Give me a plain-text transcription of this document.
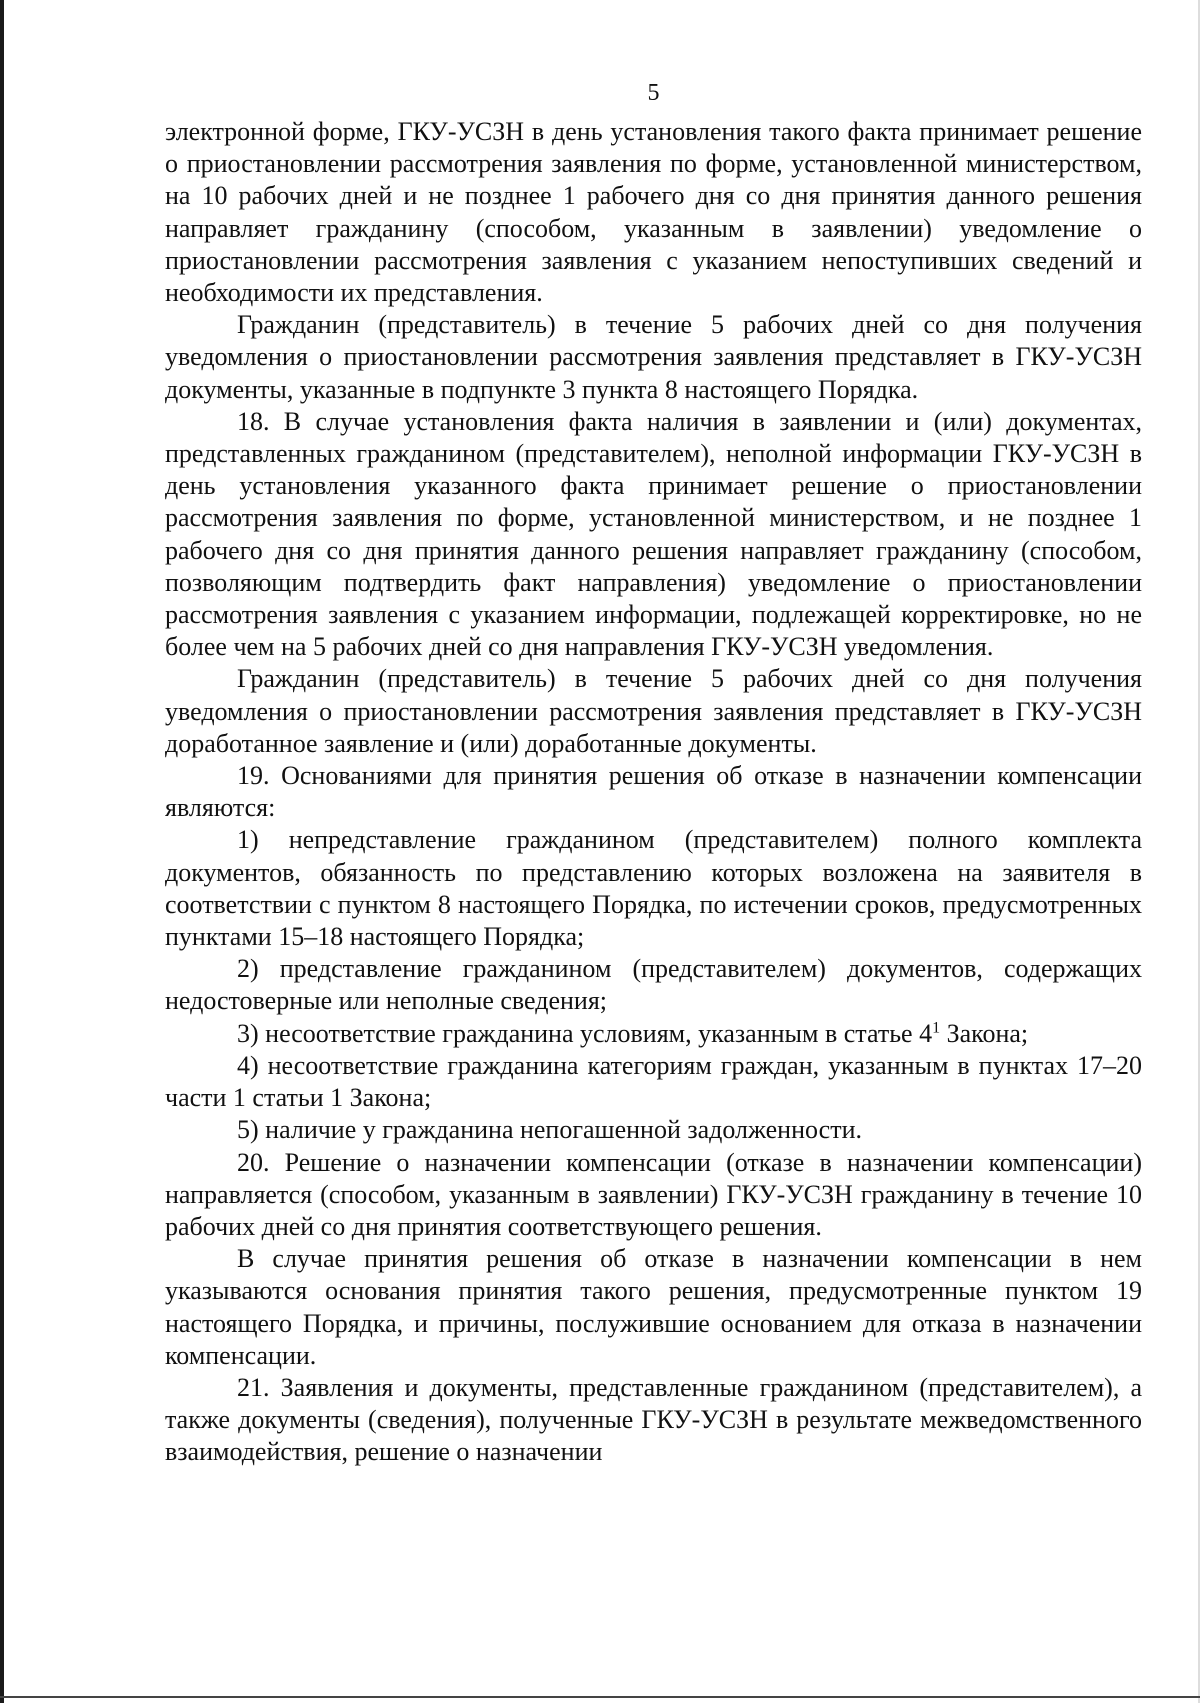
5

электронной форме, ГКУ-УСЗН в день установления такого факта принимает решение о приостановлении рассмотрения заявления по форме, установленной министерством, на 10 рабочих дней и не позднее 1 рабочего дня со дня принятия данного решения направляет гражданину (способом, указанным в заявлении) уведомление о приостановлении рассмотрения заявления с указанием непоступивших сведений и необходимости их представления.

Гражданин (представитель) в течение 5 рабочих дней со дня получения уведомления о приостановлении рассмотрения заявления представляет в ГКУ-УСЗН документы, указанные в подпункте 3 пункта 8 настоящего Порядка.

18. В случае установления факта наличия в заявлении и (или) документах, представленных гражданином (представителем), неполной информации ГКУ-УСЗН в день установления указанного факта принимает решение о приостановлении рассмотрения заявления по форме, установленной министерством, и не позднее 1 рабочего дня со дня принятия данного решения направляет гражданину (способом, позволяющим подтвердить факт направления) уведомление о приостановлении рассмотрения заявления с указанием информации, подлежащей корректировке, но не более чем на 5 рабочих дней со дня направления ГКУ-УСЗН уведомления.

Гражданин (представитель) в течение 5 рабочих дней со дня получения уведомления о приостановлении рассмотрения заявления представляет в ГКУ-УСЗН доработанное заявление и (или) доработанные документы.

19. Основаниями для принятия решения об отказе в назначении компенсации являются:

1) непредставление гражданином (представителем) полного комплекта документов, обязанность по представлению которых возложена на заявителя в соответствии с пунктом 8 настоящего Порядка, по истечении сроков, предусмотренных пунктами 15–18 настоящего Порядка;

2) представление гражданином (представителем) документов, содержащих недостоверные или неполные сведения;

3) несоответствие гражданина условиям, указанным в статье $4^1$ Закона;

4) несоответствие гражданина категориям граждан, указанным в пунктах 17–20 части 1 статьи 1 Закона;

5) наличие у гражданина непогашенной задолженности.

20. Решение о назначении компенсации (отказе в назначении компенсации) направляется (способом, указанным в заявлении) ГКУ-УСЗН гражданину в течение 10 рабочих дней со дня принятия соответствующего решения.

В случае принятия решения об отказе в назначении компенсации в нем указываются основания принятия такого решения, предусмотренные пунктом 19 настоящего Порядка, и причины, послужившие основанием для отказа в назначении компенсации.

21. Заявления и документы, представленные гражданином (представителем), а также документы (сведения), полученные ГКУ-УСЗН в результате межведомственного взаимодействия, решение о назначении
